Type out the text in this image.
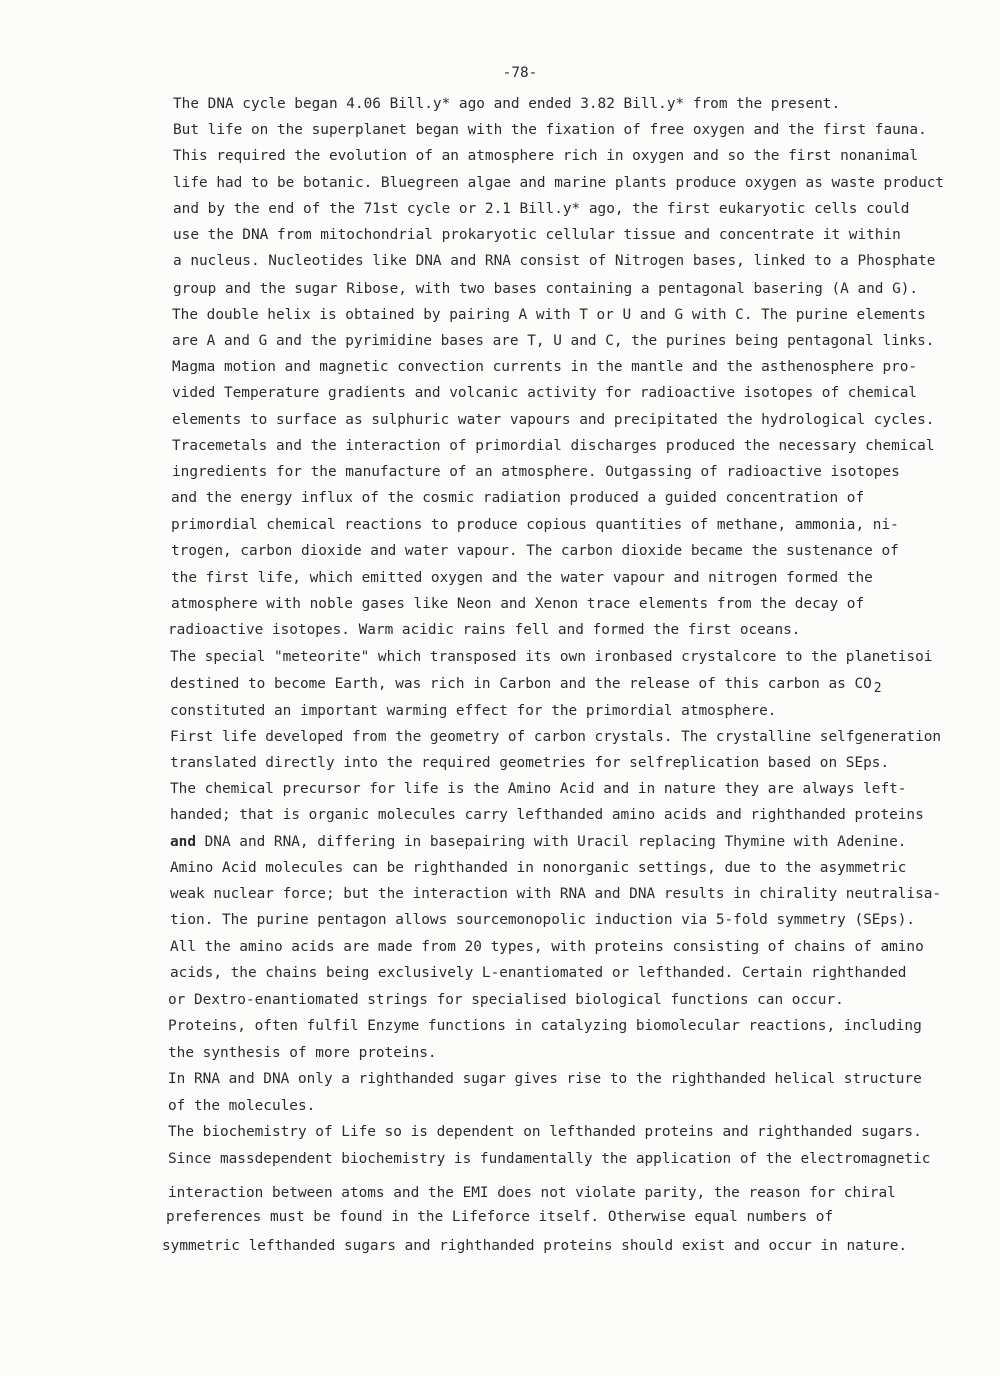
-78-
The DNA cycle began 4.06 Bill.y* ago and ended 3.82 Bill.y* from the present.
But life on the superplanet began with the fixation of free oxygen and the first fauna.
This required the evolution of an atmosphere rich in oxygen and so the first nonanimal
life had to be botanic. Bluegreen algae and marine plants produce oxygen as waste product
and by the end of the 71st cycle or 2.1 Bill.y* ago, the first eukaryotic cells could
use the DNA from mitochondrial prokaryotic cellular tissue and concentrate it within
a nucleus. Nucleotides like DNA and RNA consist of Nitrogen bases, linked to a Phosphate
group and the sugar Ribose, with two bases containing a pentagonal basering (A and G).
The double helix is obtained by pairing A with T or U and G with C. The purine elements
are A and G and the pyrimidine bases are T, U and C, the purines being pentagonal links.
Magma motion and magnetic convection currents in the mantle and the asthenosphere pro-
vided Temperature gradients and volcanic activity for radioactive isotopes of chemical
elements to surface as sulphuric water vapours and precipitated the hydrological cycles.
Tracemetals and the interaction of primordial discharges produced the necessary chemical
ingredients for the manufacture of an atmosphere. Outgassing of radioactive isotopes
and the energy influx of the cosmic radiation produced a guided concentration of
primordial chemical reactions to produce copious quantities of methane, ammonia, ni-
trogen, carbon dioxide and water vapour. The carbon dioxide became the sustenance of
the first life, which emitted oxygen and the water vapour and nitrogen formed the
atmosphere with noble gases like Neon and Xenon trace elements from the decay of
radioactive isotopes. Warm acidic rains fell and formed the first oceans.
The special "meteorite" which transposed its own ironbased crystalcore to the planetisoi
destined to become Earth, was rich in Carbon and the release of this carbon as CO $_2$
constituted an important warming effect for the primordial atmosphere.
First life developed from the geometry of carbon crystals. The crystalline selfgeneration
translated directly into the required geometries for selfreplication based on SEps.
The chemical precursor for life is the Amino Acid and in nature they are always left-
handed; that is organic molecules carry lefthanded amino acids and righthanded proteins
and DNA and RNA, differing in basepairing with Uracil replacing Thymine with Adenine.
Amino Acid molecules can be righthanded in nonorganic settings, due to the asymmetric
weak nuclear force; but the interaction with RNA and DNA results in chirality neutralisa-
tion. The purine pentagon allows sourcemonopolic induction via 5-fold symmetry (SEps).
All the amino acids are made from 20 types, with proteins consisting of chains of amino
acids, the chains being exclusively L-enantiomated or lefthanded. Certain righthanded
or Dextro-enantiomated strings for specialised biological functions can occur.
Proteins, often fulfil Enzyme functions in catalyzing biomolecular reactions, including
the synthesis of more proteins.
In RNA and DNA only a righthanded sugar gives rise to the righthanded helical structure
of the molecules.
The biochemistry of Life so is dependent on lefthanded proteins and righthanded sugars.
Since massdependent biochemistry is fundamentally the application of the electromagnetic
interaction between atoms and the EMI does not violate parity, the reason for chiral
preferences must be found in the Lifeforce itself. Otherwise equal numbers of
symmetric lefthanded sugars and righthanded proteins should exist and occur in nature.
